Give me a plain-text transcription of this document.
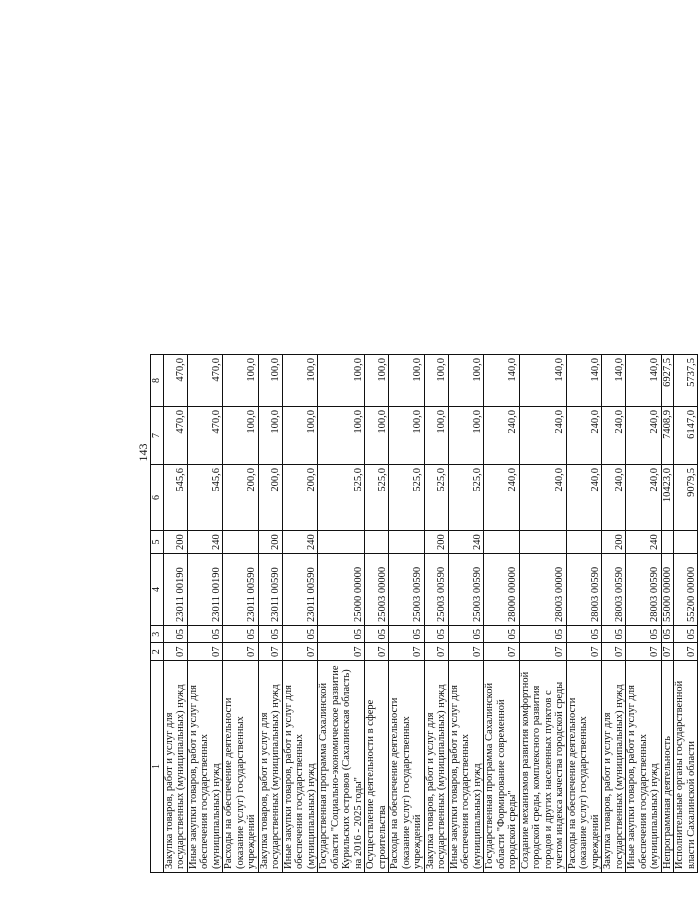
143
1	2	3	4	5	6	7	8
Закупка товаров, работ и услуг для государственных (муниципальных) нужд	07	05	23011 00190	200	545,6	470,0	470,0
Иные закупки товаров, работ и услуг для обеспечения государственных (муниципальных) нужд	07	05	23011 00190	240	545,6	470,0	470,0
Расходы на обеспечение деятельности (оказание услуг) государственных учреждений	07	05	23011 00590		200,0	100,0	100,0
Закупка товаров, работ и услуг для государственных (муниципальных) нужд	07	05	23011 00590	200	200,0	100,0	100,0
Иные закупки товаров, работ и услуг для обеспечения государственных (муниципальных) нужд	07	05	23011 00590	240	200,0	100,0	100,0
Государственная программа Сахалинской области "Социально-экономическое развитие Курильских островов (Сахалинская область) на 2016 - 2025 годы"	07	05	25000 00000		525,0	100,0	100,0
Осуществление деятельности в сфере строительства	07	05	25003 00000		525,0	100,0	100,0
Расходы на обеспечение деятельности (оказание услуг) государственных учреждений	07	05	25003 00590		525,0	100,0	100,0
Закупка товаров, работ и услуг для государственных (муниципальных) нужд	07	05	25003 00590	200	525,0	100,0	100,0
Иные закупки товаров, работ и услуг для обеспечения государственных (муниципальных) нужд	07	05	25003 00590	240	525,0	100,0	100,0
Государственная программа Сахалинской области "Формирование современной городской среды"	07	05	28000 00000		240,0	240,0	140,0
Создание механизмов развития комфортной городской среды, комплексного развития городов и других населенных пунктов с учетом индекса качества городской среды	07	05	28003 00000		240,0	240,0	140,0
Расходы на обеспечение деятельности (оказание услуг) государственных учреждений	07	05	28003 00590		240,0	240,0	140,0
Закупка товаров, работ и услуг для государственных (муниципальных) нужд	07	05	28003 00590	200	240,0	240,0	140,0
Иные закупки товаров, работ и услуг для обеспечения государственных (муниципальных) нужд	07	05	28003 00590	240	240,0	240,0	140,0
Непрограммная деятельность	07	05	55000 00000		10423,0	7408,9	6927,5
Исполнительные органы государственной власти Сахалинской области	07	05	55200 00000		9079,5	6147,0	5737,5
